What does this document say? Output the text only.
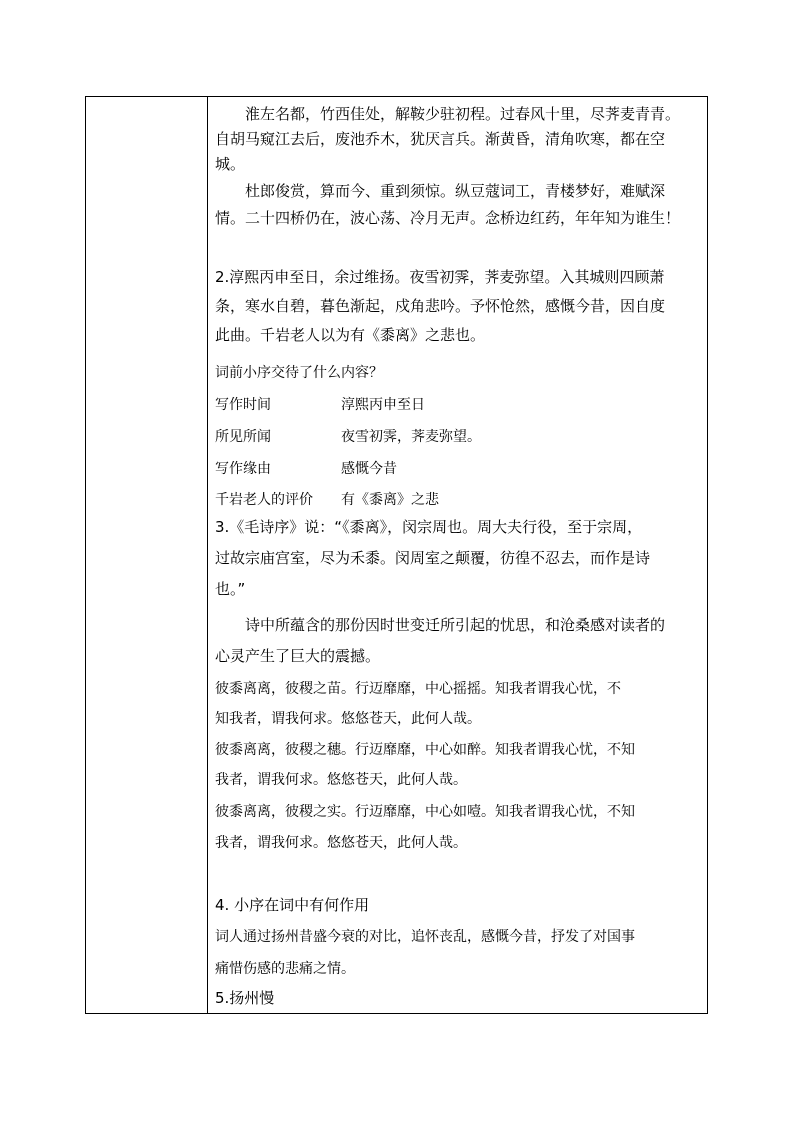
淮左名都，竹西佳处，解鞍少驻初程。过春风十里，尽荠麦青青。
自胡马窥江去后，废池乔木，犹厌言兵。渐黄昏，清角吹寒，都在空
城。
杜郎俊赏，算而今、重到须惊。纵豆蔻词工，青楼梦好，难赋深
情。二十四桥仍在，波心荡、冷月无声。念桥边红药，年年知为谁生！
2.淳熙丙申至日，余过维扬。夜雪初霁，荠麦弥望。入其城则四顾萧
条，寒水自碧，暮色渐起，戍角悲吟。予怀怆然，感慨今昔，因自度
此曲。千岩老人以为有《黍离》之悲也。
词前小序交待了什么内容？
写作时间	淳熙丙申至日
所见所闻	夜雪初霁，荠麦弥望。
写作缘由	感慨今昔
千岩老人的评价 有《黍离》之悲
3.《毛诗序》说：“《黍离》，闵宗周也。周大夫行役，至于宗周，
过故宗庙宫室，尽为禾黍。闵周室之颠覆，彷徨不忍去，而作是诗
也。”
诗中所蕴含的那份因时世变迁所引起的忧思，和沧桑感对读者的
心灵产生了巨大的震撼。
彼黍离离，彼稷之苗。行迈靡靡，中心摇摇。知我者谓我心忧，不
知我者，谓我何求。悠悠苍天，此何人哉。
彼黍离离，彼稷之穗。行迈靡靡，中心如醉。知我者谓我心忧，不知
我者，谓我何求。悠悠苍天，此何人哉。
彼黍离离，彼稷之实。行迈靡靡，中心如噎。知我者谓我心忧，不知
我者，谓我何求。悠悠苍天，此何人哉。
4. 小序在词中有何作用
词人通过扬州昔盛今衰的对比，追怀丧乱，感慨今昔，抒发了对国事
痛惜伤感的悲痛之情。
5.扬州慢
